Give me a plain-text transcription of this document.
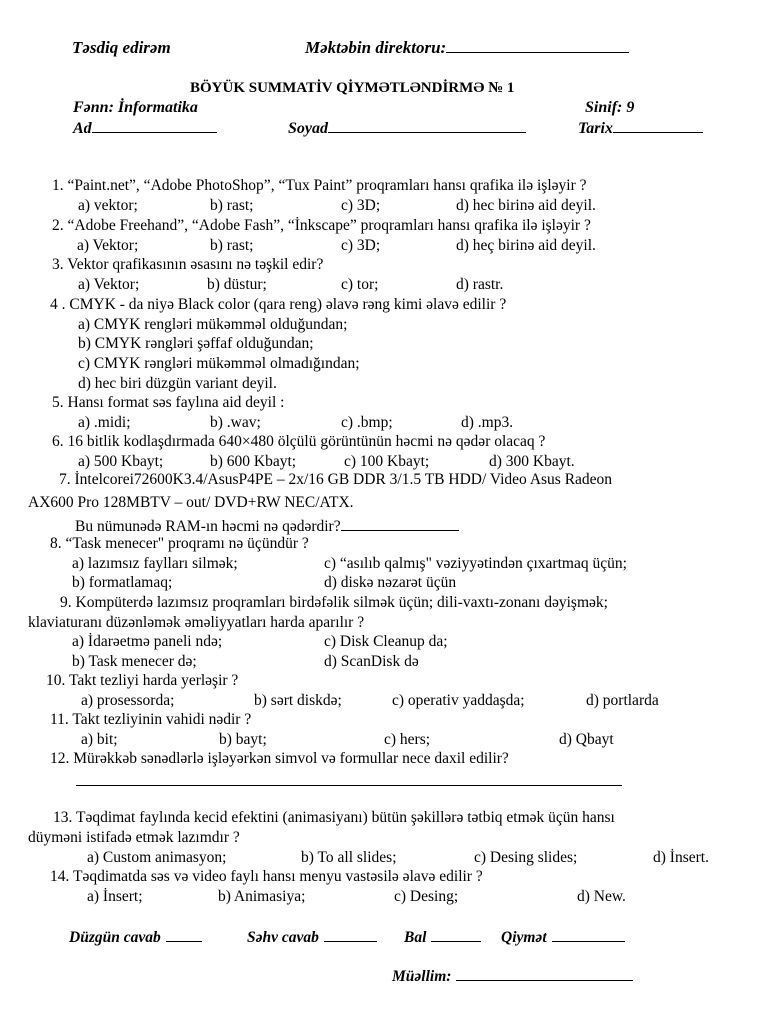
Təsdiq edirəm	Məktəbin direktoru:
BÖYÜK SUMMATİV QİYMƏTLƏNDİRMƏ № 1
Fənn: İnformatika	Sinif: 9
Ad	Soyad	Tarix
1. “Paint.net”, “Adobe PhotoShop”, “Tux Paint” proqramları hansı qrafika ilə işləyir ?
a) vektor;	b) rast;	c) 3D;	d) hec birinə aid deyil.
2. “Adobe Freehand”, “Adobe Fash”, “İnkscape” proqramları hansı qrafika ilə işləyir ?
a) Vektor;	b) rast;	c) 3D;	d) heç birinə aid deyil.
3. Vektor qrafikasının əsasını nə təşkil edir?
a) Vektor;	b) düstur;	c) tor;	d) rastr.
4 . CMYK - da niyə Black color (qara reng) əlavə rəng kimi əlavə edilir ?
a) CMYK rengləri mükəmməl olduğundan;
b) CMYK rəngləri şəffaf olduğundan;
c) CMYK rəngləri mükəmməl olmadığından;
d) hec biri düzgün variant deyil.
5. Hansı format səs faylına aid deyil :
a) .midi;	b) .wav;	c) .bmp;	d) .mp3.
6. 16 bitlik kodlaşdırmada 640×480 ölçülü görüntünün həcmi nə qədər olacaq ?
a) 500 Kbayt;	b) 600 Kbayt;	c) 100 Kbayt;	d) 300 Kbayt.
7. İntelcorei72600K3.4/AsusP4PE – 2x/16 GB DDR 3/1.5 TB HDD/ Video Asus Radeon
AX600 Pro 128MBTV – out/ DVD+RW NEC/ATX.
Bu nümunədə RAM-ın həcmi nə qədərdir?
8. “Task menecer" proqramı nə üçündür ?
a) lazımsız faylları silmək;	c) “asılıb qalmış" vəziyyətindən çıxartmaq üçün;
b) formatlamaq;	d) diskə nəzarət üçün
9. Kompüterdə lazımsız proqramları birdəfəlik silmək üçün; dili-vaxtı-zonanı dəyişmək;
klaviaturanı düzənləmək əməliyyatları harda aparılır ?
a) İdarəetmə paneli ndə;	c) Disk Cleanup da;
b) Task menecer də;	d) ScanDisk də
10. Takt tezliyi harda yerləşir ?
a) prosessorda;	b) sərt diskdə;	c) operativ yaddaşda;	d) portlarda
11. Takt tezliyinin vahidi nədir ?
a) bit;	b) bayt;	c) hers;	d) Qbayt
12. Mürəkkəb sənədlərlə işləyərkən simvol və formullar nece daxil edilir?
13. Təqdimat faylında kecid efektini (animasiyanı) bütün şəkillərə tətbiq etmək üçün hansı
düyməni istifadə etmək lazımdır ?
a) Custom animasyon;	b) To all slides;	c) Desing slides;	d) İnsert.
14. Təqdimatda səs və video faylı hansı menyu vastəsilə əlavə edilir ?
a) İnsert;	b) Animasiya;	c) Desing;	d) New.
Düzgün cavab	Səhv cavab	Bal	Qiymət
Müəllim:
